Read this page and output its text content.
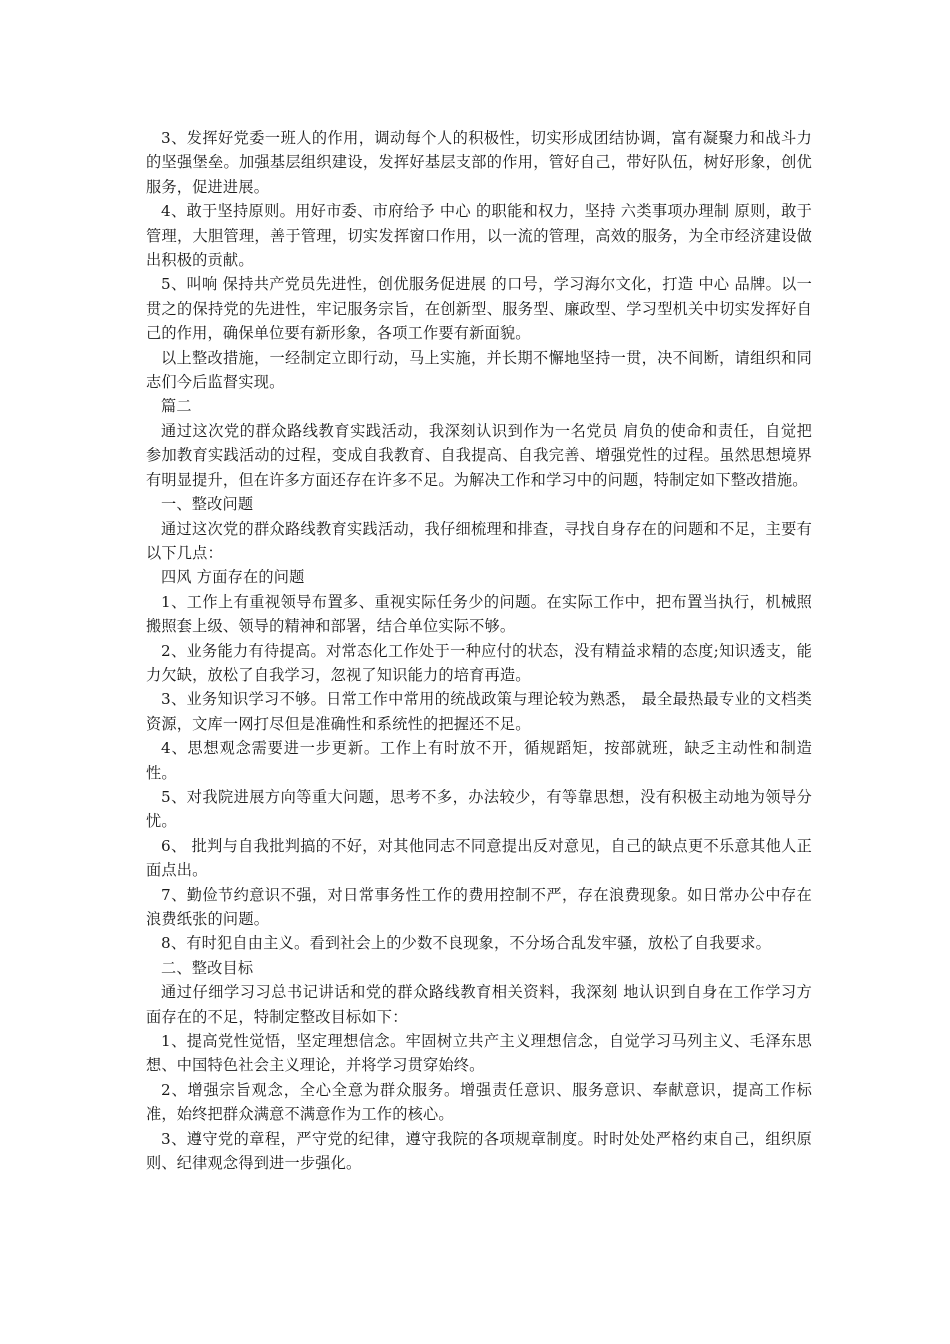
3、发挥好党委一班人的作用，调动每个人的积极性，切实形成团结协调，富有凝聚力和战斗力的坚强堡垒。加强基层组织建设，发挥好基层支部的作用，管好自己，带好队伍，树好形象，创优服务，促进进展。

4、敢于坚持原则。用好市委、市府给予 中心 的职能和权力，坚持 六类事项办理制 原则，敢于管理，大胆管理，善于管理，切实发挥窗口作用，以一流的管理，高效的服务，为全市经济建设做出积极的贡献。

5、叫响 保持共产党员先进性，创优服务促进展 的口号，学习海尔文化，打造 中心 品牌。以一贯之的保持党的先进性，牢记服务宗旨，在创新型、服务型、廉政型、学习型机关中切实发挥好自己的作用，确保单位要有新形象，各项工作要有新面貌。

以上整改措施，一经制定立即行动，马上实施，并长期不懈地坚持一贯，决不间断，请组织和同志们今后监督实现。

篇二

通过这次党的群众路线教育实践活动，我深刻认识到作为一名党员 肩负的使命和责任，自觉把参加教育实践活动的过程，变成自我教育、自我提高、自我完善、增强党性的过程。虽然思想境界有明显提升，但在许多方面还存在许多不足。为解决工作和学习中的问题，特制定如下整改措施。

一、整改问题

通过这次党的群众路线教育实践活动，我仔细梳理和排查，寻找自身存在的问题和不足，主要有以下几点：

四风 方面存在的问题

1、工作上有重视领导布置多、重视实际任务少的问题。在实际工作中，把布置当执行，机械照搬照套上级、领导的精神和部署，结合单位实际不够。

2、业务能力有待提高。对常态化工作处于一种应付的状态，没有精益求精的态度;知识透支，能力欠缺，放松了自我学习，忽视了知识能力的培育再造。

3、业务知识学习不够。日常工作中常用的统战政策与理论较为熟悉， 最全最热最专业的文档类资源，文库一网打尽但是准确性和系统性的把握还不足。

4、思想观念需要进一步更新。工作上有时放不开，循规蹈矩，按部就班，缺乏主动性和制造性。

5、对我院进展方向等重大问题，思考不多，办法较少，有等靠思想，没有积极主动地为领导分忧。

6、 批判与自我批判搞的不好，对其他同志不同意提出反对意见，自己的缺点更不乐意其他人正面点出。

7、勤俭节约意识不强，对日常事务性工作的费用控制不严，存在浪费现象。如日常办公中存在浪费纸张的问题。

8、有时犯自由主义。看到社会上的少数不良现象，不分场合乱发牢骚，放松了自我要求。

二、整改目标

通过仔细学习习总书记讲话和党的群众路线教育相关资料，我深刻 地认识到自身在工作学习方面存在的不足，特制定整改目标如下：

1、提高党性觉悟，坚定理想信念。牢固树立共产主义理想信念，自觉学习马列主义、毛泽东思想、中国特色社会主义理论，并将学习贯穿始终。

2、增强宗旨观念，全心全意为群众服务。增强责任意识、服务意识、奉献意识，提高工作标准，始终把群众满意不满意作为工作的核心。

3、遵守党的章程，严守党的纪律，遵守我院的各项规章制度。时时处处严格约束自己，组织原则、纪律观念得到进一步强化。
